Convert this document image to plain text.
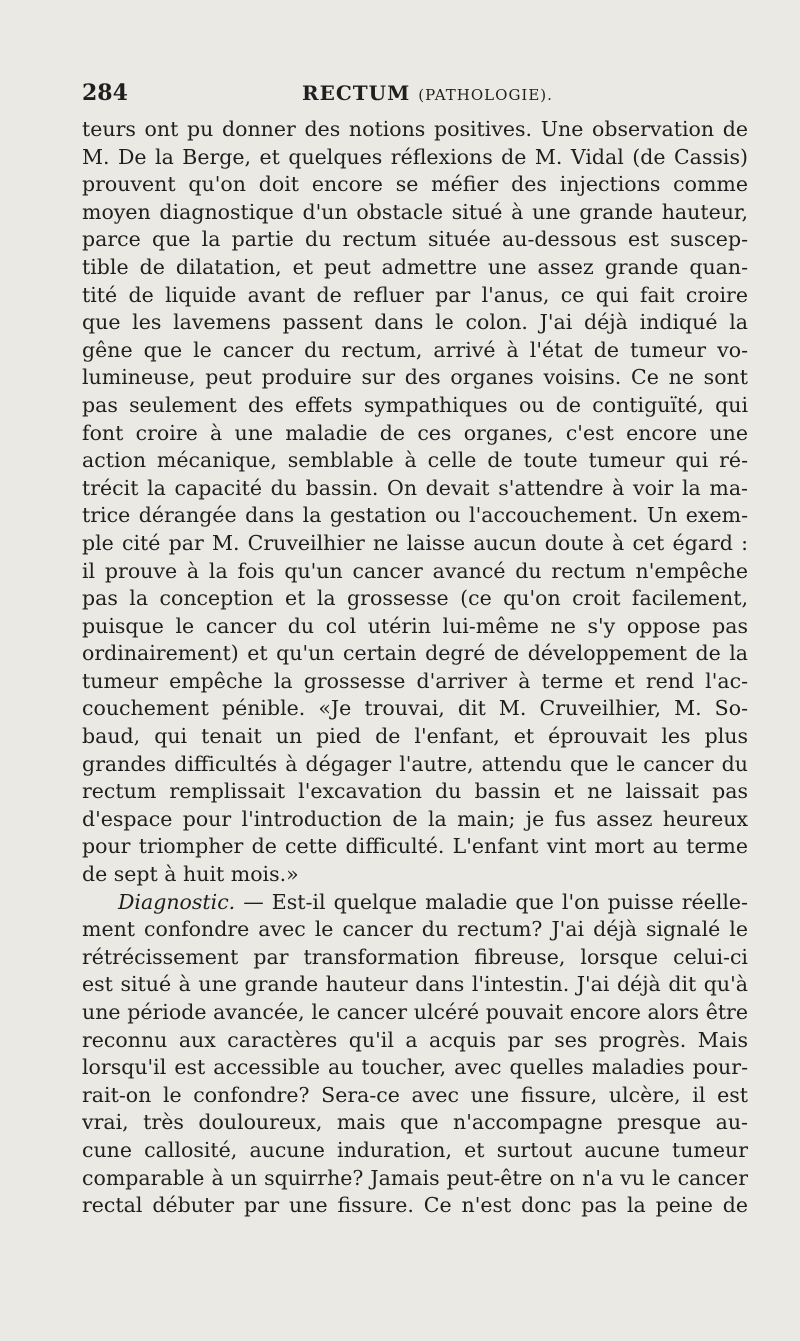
284	RECTUM (PATHOLOGIE).
teurs ont pu donner des notions positives. Une observation de
M. De la Berge, et quelques réflexions de M. Vidal (de Cassis)
prouvent qu'on doit encore se méfier des injections comme
moyen diagnostique d'un obstacle situé à une grande hauteur,
parce que la partie du rectum située au-dessous est suscep-
tible de dilatation, et peut admettre une assez grande quan-
tité de liquide avant de refluer par l'anus, ce qui fait croire
que les lavemens passent dans le colon. J'ai déjà indiqué la
gêne que le cancer du rectum, arrivé à l'état de tumeur vo-
lumineuse, peut produire sur des organes voisins. Ce ne sont
pas seulement des effets sympathiques ou de contiguïté, qui
font croire à une maladie de ces organes, c'est encore une
action mécanique, semblable à celle de toute tumeur qui ré-
trécit la capacité du bassin. On devait s'attendre à voir la ma-
trice dérangée dans la gestation ou l'accouchement. Un exem-
ple cité par M. Cruveilhier ne laisse aucun doute à cet égard :
il prouve à la fois qu'un cancer avancé du rectum n'empêche
pas la conception et la grossesse (ce qu'on croit facilement,
puisque le cancer du col utérin lui-même ne s'y oppose pas
ordinairement) et qu'un certain degré de développement de la
tumeur empêche la grossesse d'arriver à terme et rend l'ac-
couchement pénible. «Je trouvai, dit M. Cruveilhier, M. So-
baud, qui tenait un pied de l'enfant, et éprouvait les plus
grandes difficultés à dégager l'autre, attendu que le cancer du
rectum remplissait l'excavation du bassin et ne laissait pas
d'espace pour l'introduction de la main; je fus assez heureux
pour triompher de cette difficulté. L'enfant vint mort au terme
de sept à huit mois.»
Diagnostic. — Est-il quelque maladie que l'on puisse réelle-
ment confondre avec le cancer du rectum? J'ai déjà signalé le
rétrécissement par transformation fibreuse, lorsque celui-ci
est situé à une grande hauteur dans l'intestin. J'ai déjà dit qu'à
une période avancée, le cancer ulcéré pouvait encore alors être
reconnu aux caractères qu'il a acquis par ses progrès. Mais
lorsqu'il est accessible au toucher, avec quelles maladies pour-
rait-on le confondre? Sera-ce avec une fissure, ulcère, il est
vrai, très douloureux, mais que n'accompagne presque au-
cune callosité, aucune induration, et surtout aucune tumeur
comparable à un squirrhe? Jamais peut-être on n'a vu le cancer
rectal débuter par une fissure. Ce n'est donc pas la peine de
